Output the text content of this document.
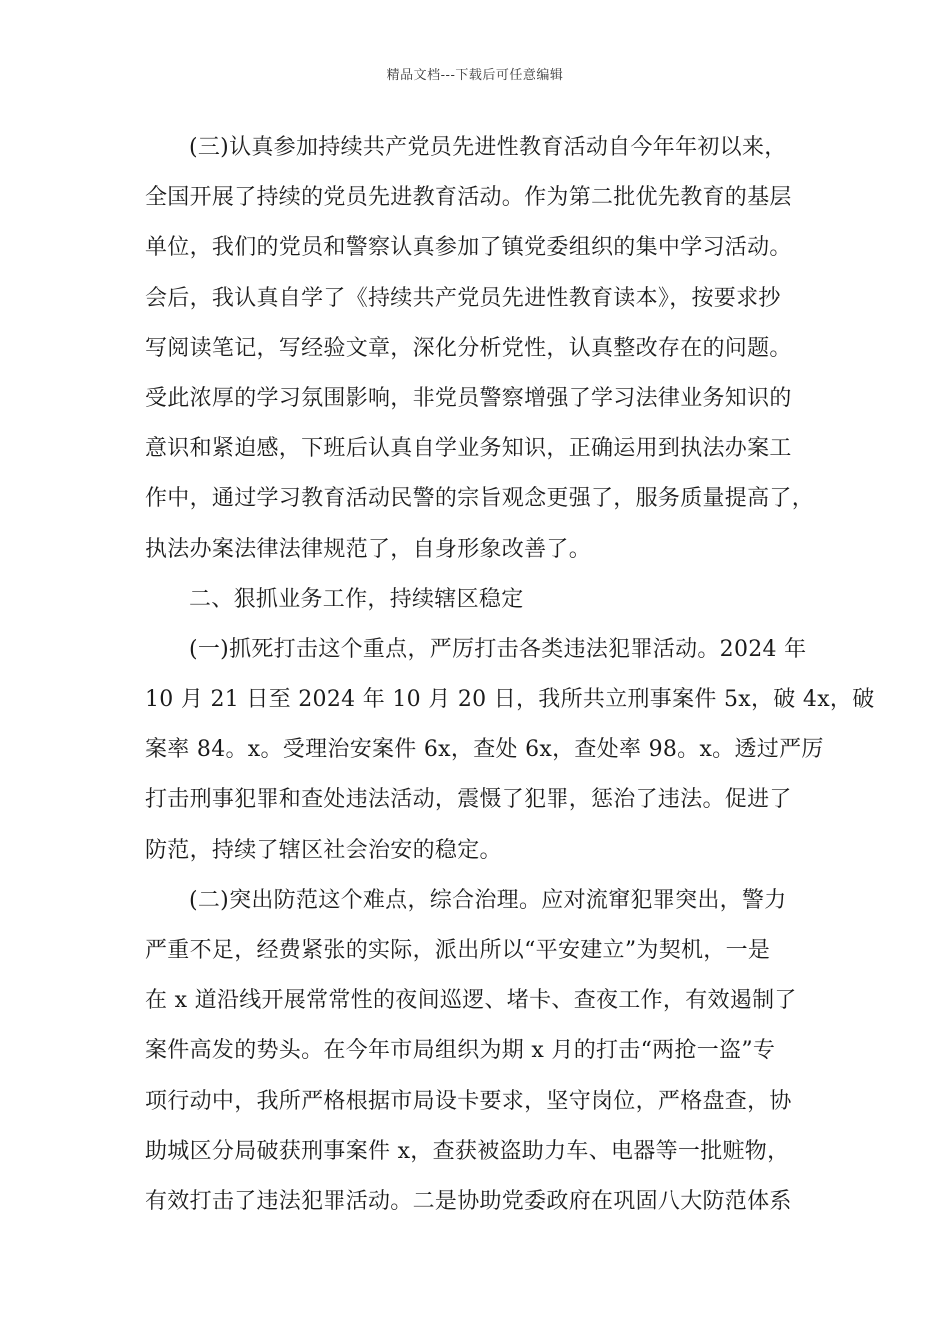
精品文档---下载后可任意编辑
(三)认真参加持续共产党员先进性教育活动自今年年初以来，
全国开展了持续的党员先进教育活动。作为第二批优先教育的基层
单位，我们的党员和警察认真参加了镇党委组织的集中学习活动。
会后，我认真自学了《持续共产党员先进性教育读本》，按要求抄
写阅读笔记，写经验文章，深化分析党性，认真整改存在的问题。
受此浓厚的学习氛围影响，非党员警察增强了学习法律业务知识的
意识和紧迫感，下班后认真自学业务知识，正确运用到执法办案工
作中，通过学习教育活动民警的宗旨观念更强了，服务质量提高了，
执法办案法律法律规范了，自身形象改善了。
二、狠抓业务工作，持续辖区稳定
(一)抓死打击这个重点，严厉打击各类违法犯罪活动。2024 年
10 月 21 日至 2024 年 10 月 20 日，我所共立刑事案件 5x，破 4x，破
案率 84。x。受理治安案件 6x，查处 6x，查处率 98。x。透过严厉
打击刑事犯罪和查处违法活动，震慑了犯罪，惩治了违法。促进了
防范，持续了辖区社会治安的稳定。
(二)突出防范这个难点，综合治理。应对流窜犯罪突出，警力
严重不足，经费紧张的实际，派出所以“平安建立”为契机，一是
在 x 道沿线开展常常性的夜间巡逻、堵卡、查夜工作，有效遏制了
案件高发的势头。在今年市局组织为期 x 月的打击“两抢一盗”专
项行动中，我所严格根据市局设卡要求，坚守岗位，严格盘查，协
助城区分局破获刑事案件 x，查获被盗助力车、电器等一批赃物，
有效打击了违法犯罪活动。二是协助党委政府在巩固八大防范体系
